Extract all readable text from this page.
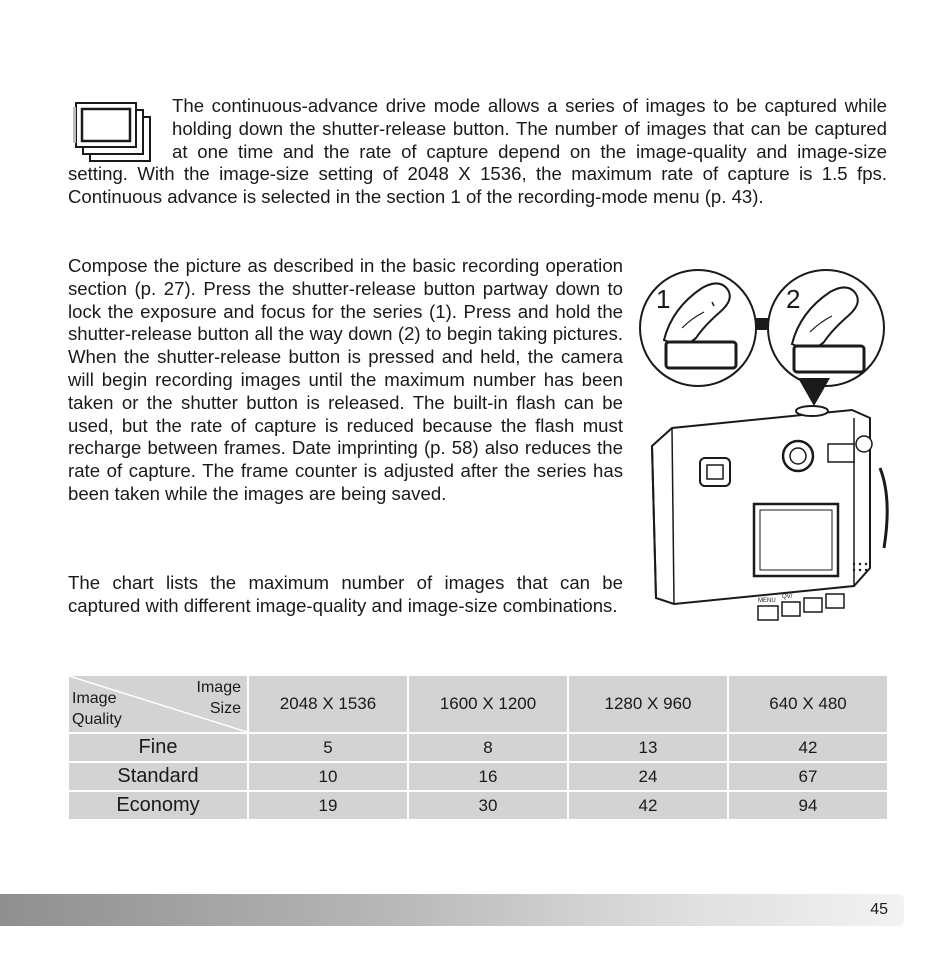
The continuous-advance drive mode allows a series of images to be captured while holding down the shutter-release button. The number of images that can be captured at one time and the rate of capture depend on the image-quality and image-size setting. With the image-size setting of 2048 X 1536, the maximum rate of capture is 1.5 fps. Continuous advance is selected in the section 1 of the recording-mode menu (p. 43).

Compose the picture as described in the basic recording operation section (p. 27). Press the shutter-release button partway down to lock the exposure and focus for the series (1). Press and hold the shutter-release button all the way down (2) to begin taking pictures. When the shutter-release button is pressed and held, the camera will begin recording images until the maximum number has been taken or the shutter button is released. The built-in flash can be used, but the rate of capture is reduced because the flash must recharge between frames. Date imprinting (p. 58) also reduces the rate of capture. The frame counter is adjusted after the series has been taken while the images are being saved.

The chart lists the maximum number of images that can be captured with different image-quality and image-size combinations.

1	2
MENU
QV/
Image
Size
Image
Quality	2048 X 1536	1600 X 1200	1280 X 960	640 X 480
Fine	5	8	13	42
Standard	10	16	24	67
Economy	19	30	42	94
45
